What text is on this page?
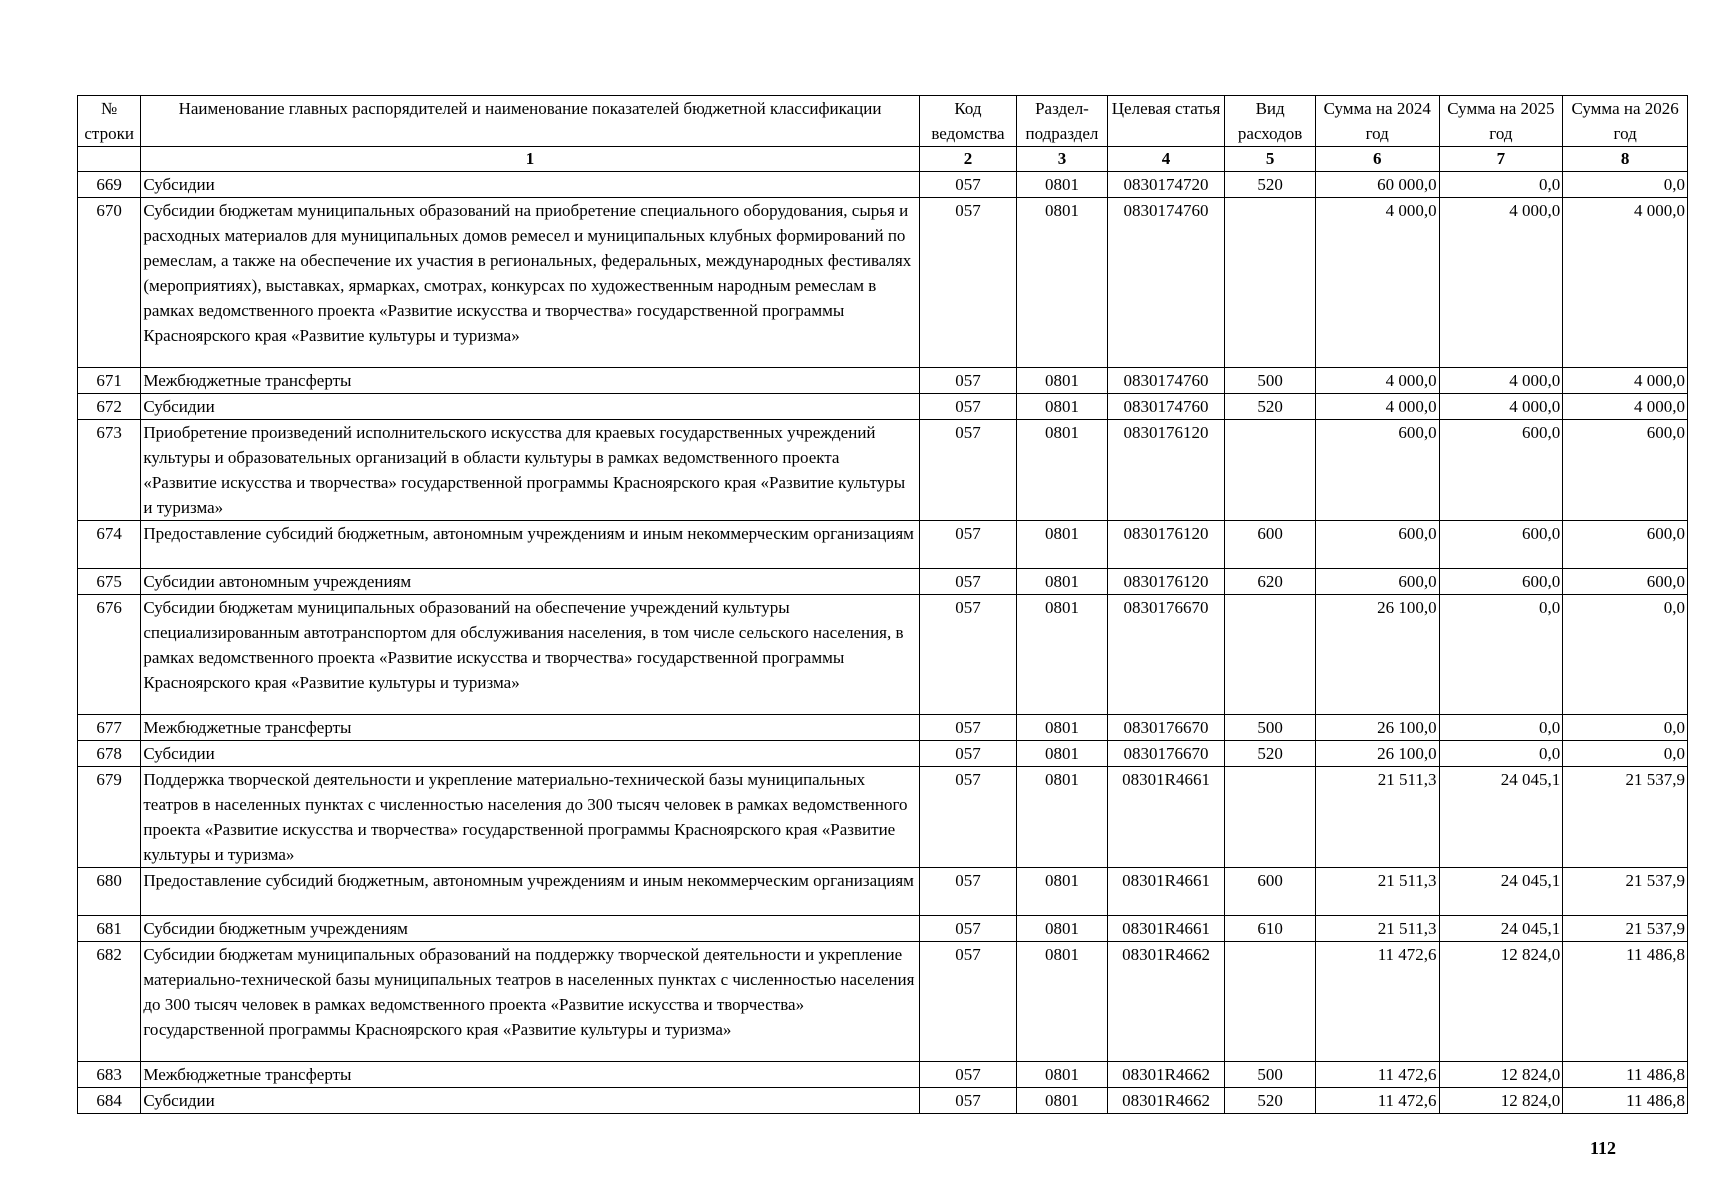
№ строки	Наименование главных распорядителей и наименование показателей бюджетной классификации	Код ведомства	Раздел-подраздел	Целевая статья	Вид расходов	Сумма на 2024 год	Сумма на 2025 год	Сумма на 2026 год
	1	2	3	4	5	6	7	8
669	Субсидии	057	0801	0830174720	520	60 000,0	0,0	0,0
670	Субсидии бюджетам муниципальных образований на приобретение специального оборудования, сырья и расходных материалов для муниципальных домов ремесел и муниципальных клубных формирований по ремеслам, а также на обеспечение их участия в региональных, федеральных, международных фестивалях (мероприятиях), выставках, ярмарках, смотрах, конкурсах по художественным народным ремеслам в рамках ведомственного проекта «Развитие искусства и творчества» государственной программы Красноярского края «Развитие культуры и туризма»	057	0801	0830174760		4 000,0	4 000,0	4 000,0
671	Межбюджетные трансферты	057	0801	0830174760	500	4 000,0	4 000,0	4 000,0
672	Субсидии	057	0801	0830174760	520	4 000,0	4 000,0	4 000,0
673	Приобретение произведений исполнительского искусства для краевых государственных учреждений культуры и образовательных организаций в области культуры в рамках ведомственного проекта «Развитие искусства и творчества» государственной программы Красноярского края «Развитие культуры и туризма»	057	0801	0830176120		600,0	600,0	600,0
674	Предоставление субсидий бюджетным, автономным учреждениям и иным некоммерческим организациям	057	0801	0830176120	600	600,0	600,0	600,0
675	Субсидии автономным учреждениям	057	0801	0830176120	620	600,0	600,0	600,0
676	Субсидии бюджетам муниципальных образований на обеспечение учреждений культуры специализированным автотранспортом для обслуживания населения, в том числе сельского населения, в рамках ведомственного проекта «Развитие искусства и творчества» государственной программы Красноярского края «Развитие культуры и туризма»	057	0801	0830176670		26 100,0	0,0	0,0
677	Межбюджетные трансферты	057	0801	0830176670	500	26 100,0	0,0	0,0
678	Субсидии	057	0801	0830176670	520	26 100,0	0,0	0,0
679	Поддержка творческой деятельности и укрепление материально-технической базы муниципальных театров в населенных пунктах с численностью населения до 300 тысяч человек в рамках ведомственного проекта «Развитие искусства и творчества» государственной программы Красноярского края «Развитие культуры и туризма»	057	0801	08301R4661		21 511,3	24 045,1	21 537,9
680	Предоставление субсидий бюджетным, автономным учреждениям и иным некоммерческим организациям	057	0801	08301R4661	600	21 511,3	24 045,1	21 537,9
681	Субсидии бюджетным учреждениям	057	0801	08301R4661	610	21 511,3	24 045,1	21 537,9
682	Субсидии бюджетам муниципальных образований на поддержку творческой деятельности и укрепление материально-технической базы муниципальных театров в населенных пунктах с численностью населения до 300 тысяч человек в рамках ведомственного проекта «Развитие искусства и творчества» государственной программы Красноярского края «Развитие культуры и туризма»	057	0801	08301R4662		11 472,6	12 824,0	11 486,8
683	Межбюджетные трансферты	057	0801	08301R4662	500	11 472,6	12 824,0	11 486,8
684	Субсидии	057	0801	08301R4662	520	11 472,6	12 824,0	11 486,8
112
